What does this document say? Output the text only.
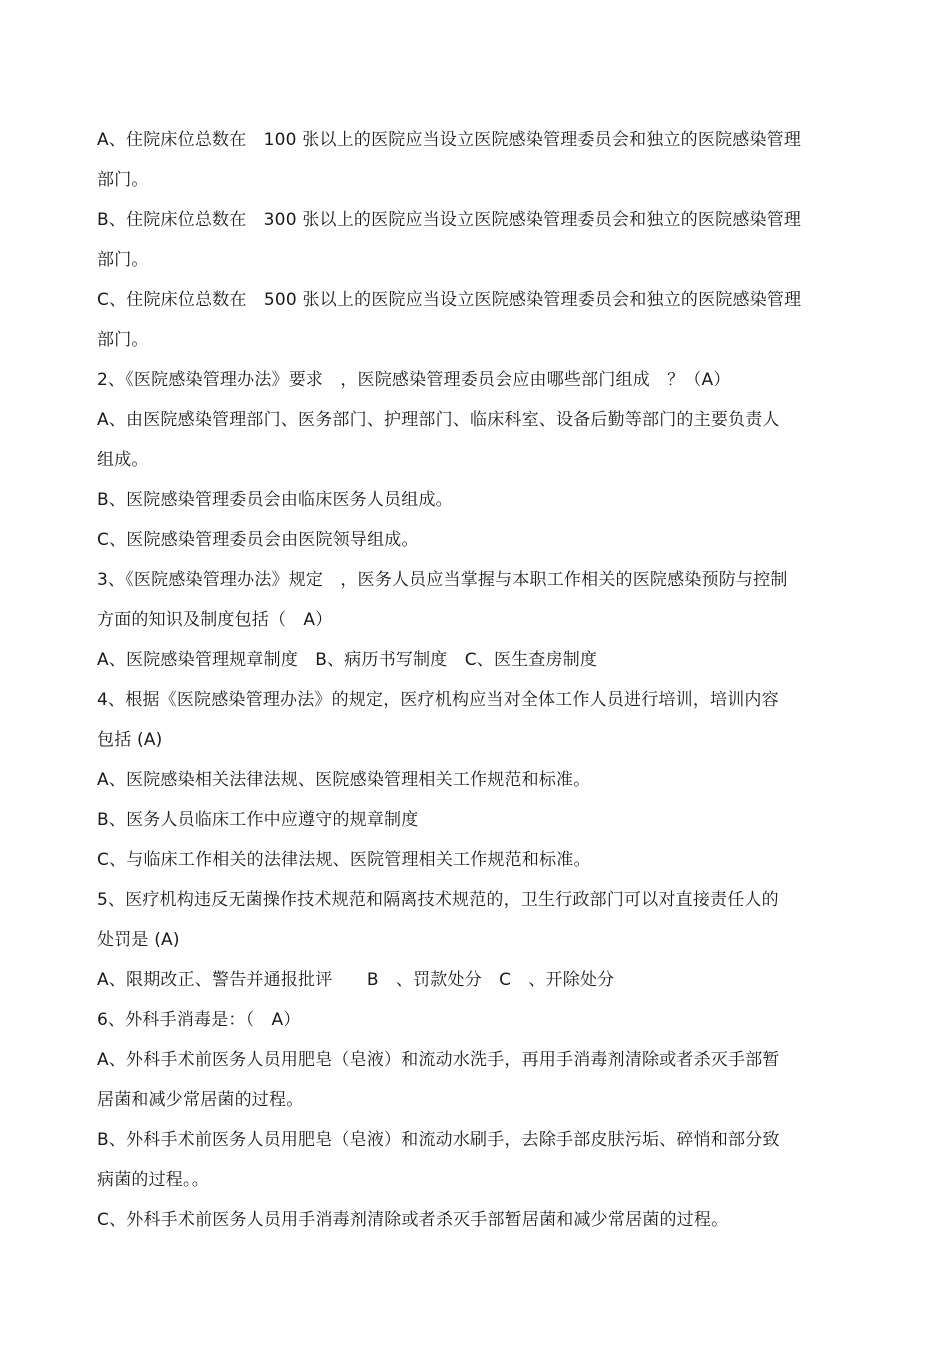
A、住院床位总数在　100 张以上的医院应当设立医院感染管理委员会和独立的医院感染管理
部门。
B、住院床位总数在　300 张以上的医院应当设立医院感染管理委员会和独立的医院感染管理
部门。
C、住院床位总数在　500 张以上的医院应当设立医院感染管理委员会和独立的医院感染管理
部门。
2、《医院感染管理办法》要求　，医院感染管理委员会应由哪些部门组成　？（A）
A、由医院感染管理部门、医务部门、护理部门、临床科室、设备后勤等部门的主要负责人
组成。
B、医院感染管理委员会由临床医务人员组成。
C、医院感染管理委员会由医院领导组成。
3、《医院感染管理办法》规定　，医务人员应当掌握与本职工作相关的医院感染预防与控制
方面的知识及制度包括（　A）
A、医院感染管理规章制度　B、病历书写制度　C、医生查房制度
4、根据《医院感染管理办法》的规定，医疗机构应当对全体工作人员进行培训，培训内容
包括 (A)
A、医院感染相关法律法规、医院感染管理相关工作规范和标准。
B、医务人员临床工作中应遵守的规章制度
C、与临床工作相关的法律法规、医院管理相关工作规范和标准。
5、医疗机构违反无菌操作技术规范和隔离技术规范的，卫生行政部门可以对直接责任人的
处罚是 (A)
A、限期改正、警告并通报批评　　B　、罚款处分　C　、开除处分
6、外科手消毒是：（　A）
A、外科手术前医务人员用肥皂（皂液）和流动水洗手，再用手消毒剂清除或者杀灭手部暂
居菌和减少常居菌的过程。
B、外科手术前医务人员用肥皂（皂液）和流动水刷手，去除手部皮肤污垢、碎悄和部分致
病菌的过程。。
C、外科手术前医务人员用手消毒剂清除或者杀灭手部暂居菌和减少常居菌的过程。
